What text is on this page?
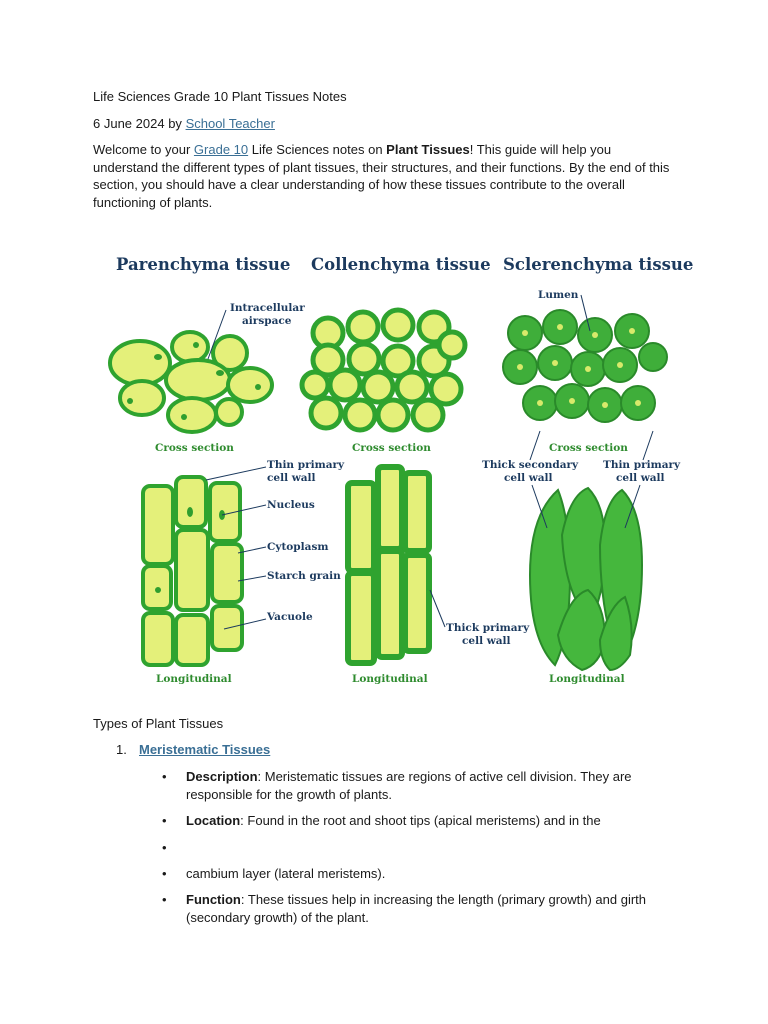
Life Sciences Grade 10 Plant Tissues Notes

6 June 2024 by School Teacher

Welcome to your Grade 10 Life Sciences notes on Plant Tissues! This guide will help you understand the different types of plant tissues, their structures, and their functions. By the end of this section, you should have a clear understanding of how these tissues contribute to the overall functioning of plants.

Parenchyma tissue Collenchyma tissue Sclerenchyma tissue
Intracellular
airspace
Cross section	Cross section
Lumen
Cross section
Thin primary
cell wall
Nucleus
Cytoplasm
Starch grain
Vacuole
Longitudinal
Thick primary
cell wall
Longitudinal
Thick secondary
cell wall
Thin primary
cell wall
Longitudinal
Types of Plant Tissues
1. Meristematic Tissues
• Description: Meristematic tissues are regions of active cell division. They are responsible for the growth of plants.
• Location: Found in the root and shoot tips (apical meristems) and in the
•
• cambium layer (lateral meristems).
• Function: These tissues help in increasing the length (primary growth) and girth (secondary growth) of the plant.
